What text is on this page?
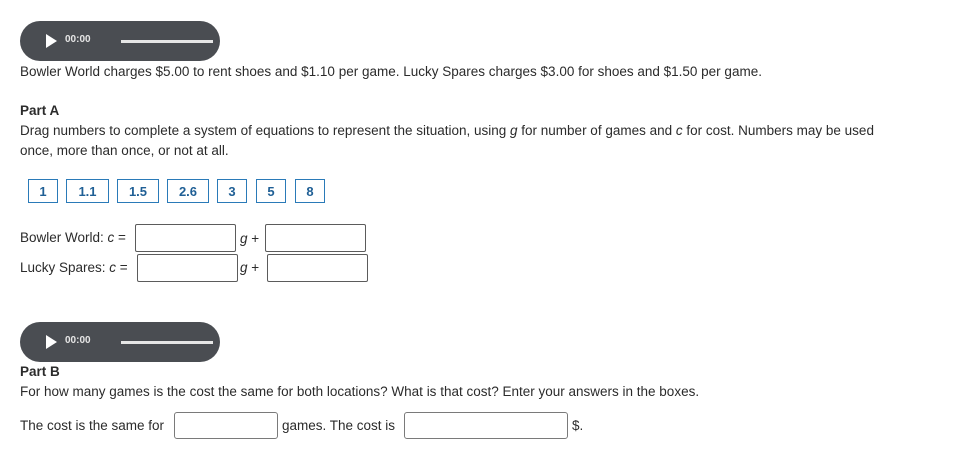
00:00
Bowler World charges $5.00 to rent shoes and $1.10 per game. Lucky Spares charges $3.00 for shoes and $1.50 per game.
Part A
Drag numbers to complete a system of equations to represent the situation, using g for number of games and c for cost. Numbers may be used
once, more than once, or not at all.
1	1.1	1.5	2.6	3	5	8
Bowler World: c =	g +
Lucky Spares: c =	g +
00:00
Part B
For how many games is the cost the same for both locations? What is that cost? Enter your answers in the boxes.
The cost is the same for	games. The cost is	$.
